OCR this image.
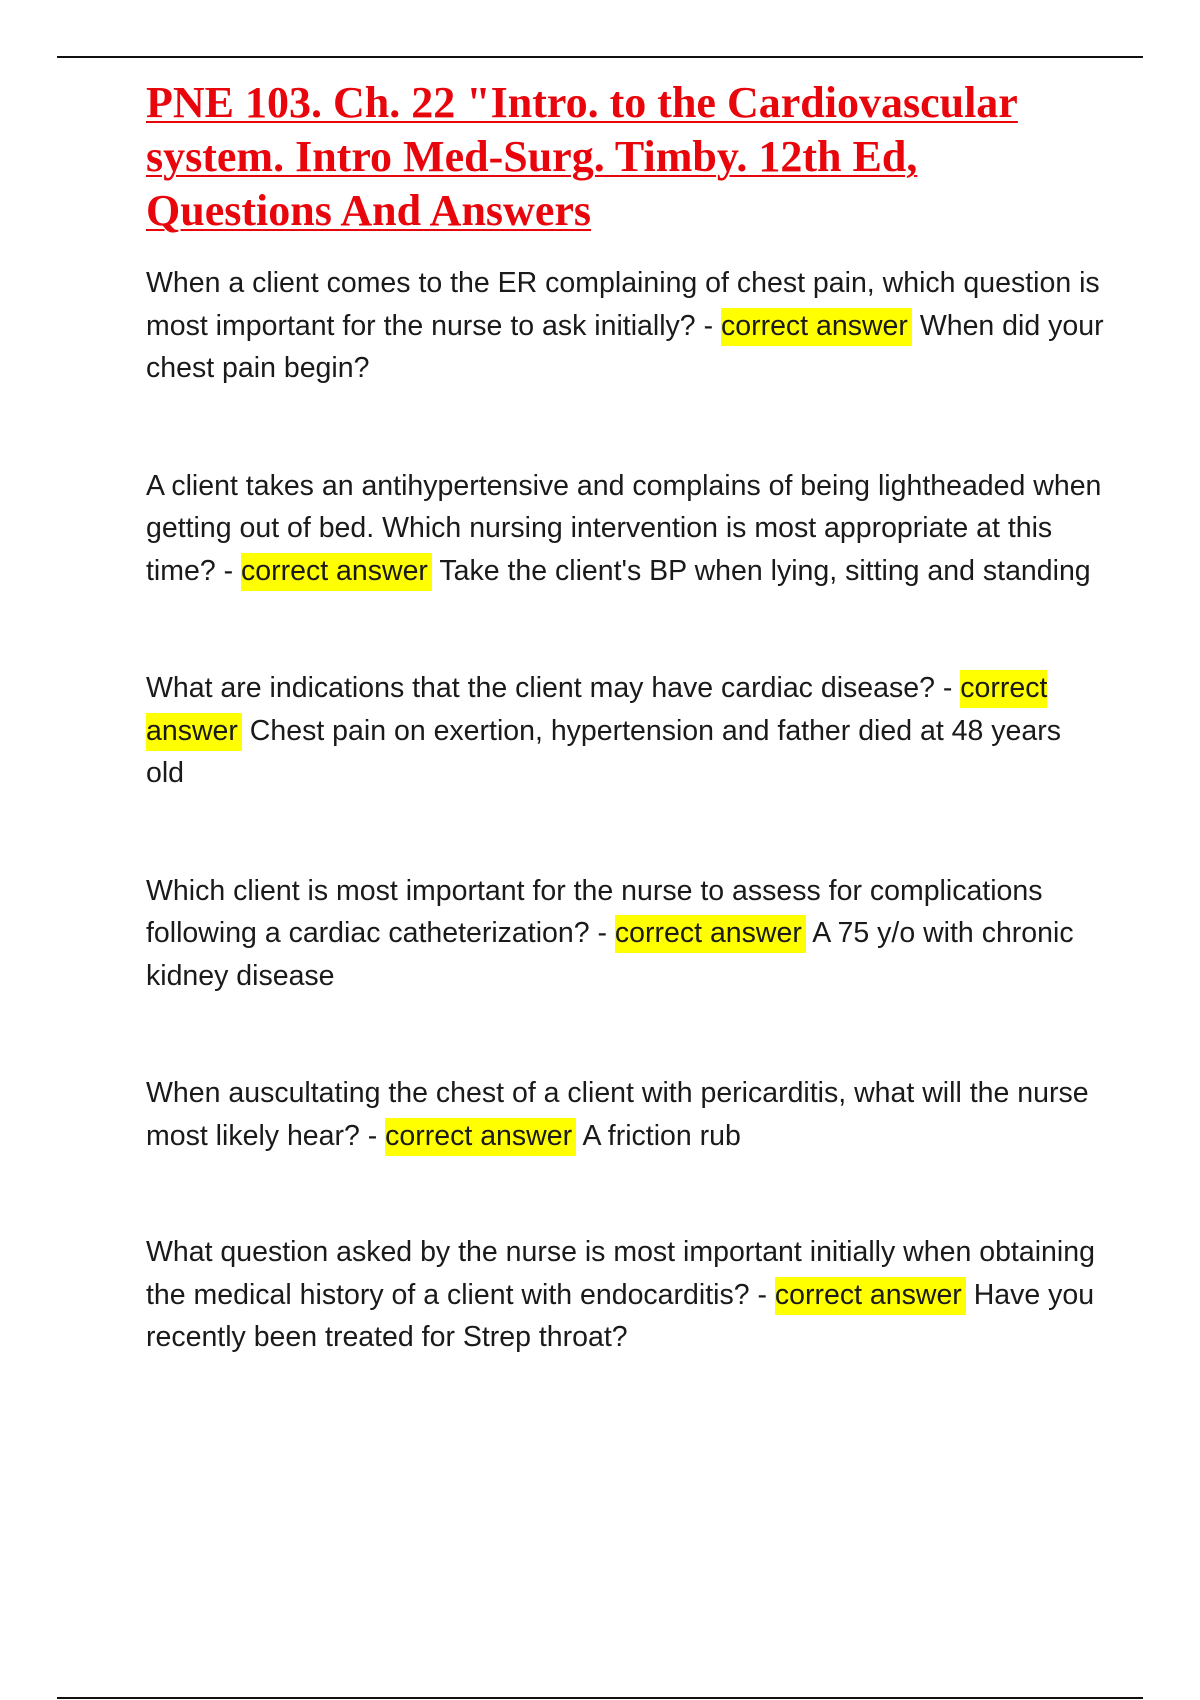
PNE 103. Ch. 22 "Intro. to the Cardiovascular system. Intro Med-Surg. Timby. 12th Ed, Questions And Answers

When a client comes to the ER complaining of chest pain, which question is most important for the nurse to ask initially? - correct answer When did your chest pain begin?

A client takes an antihypertensive and complains of being lightheaded when getting out of bed. Which nursing intervention is most appropriate at this time? - correct answer Take the client's BP when lying, sitting and standing

What are indications that the client may have cardiac disease? - correct answer Chest pain on exertion, hypertension and father died at 48 years old

Which client is most important for the nurse to assess for complications following a cardiac catheterization? - correct answer A 75 y/o with chronic kidney disease

When auscultating the chest of a client with pericarditis, what will the nurse most likely hear? - correct answer A friction rub

What question asked by the nurse is most important initially when obtaining the medical history of a client with endocarditis? - correct answer Have you recently been treated for Strep throat?
